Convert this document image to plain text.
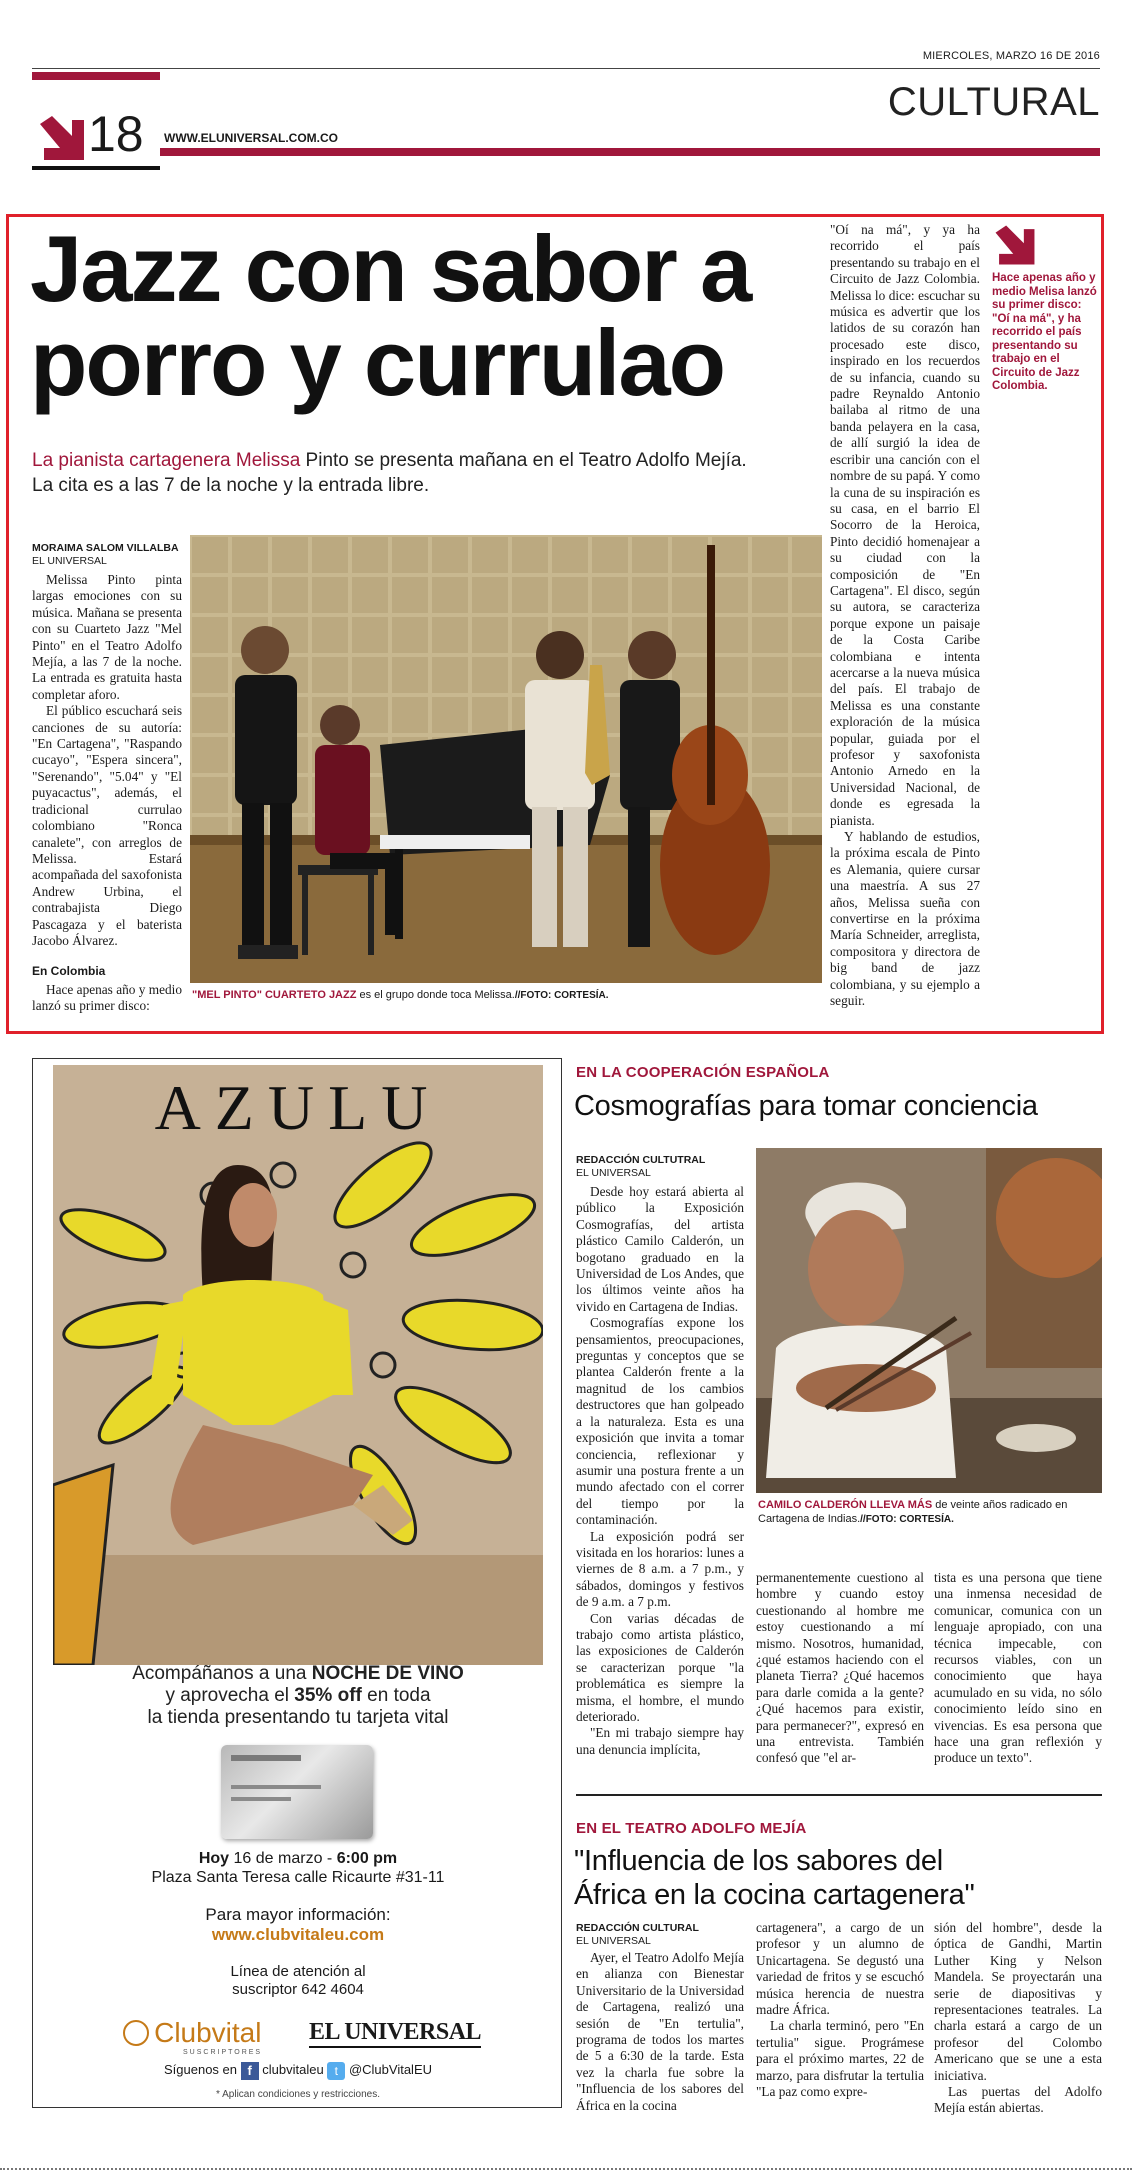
MIERCOLES, MARZO 16 DE 2016
CULTURAL
18 WWW.ELUNIVERSAL.COM.CO
Jazz con sabor a
porro y currulao
La pianista cartagenera Melissa Pinto se presenta mañana en el Teatro Adolfo Mejía. La cita es a las 7 de la noche y la entrada libre.
MORAIMA SALOM VILLALBA
EL UNIVERSAL

Melissa Pinto pinta largas emociones con su música. Mañana se presenta con su Cuarteto Jazz "Mel Pinto" en el Teatro Adolfo Mejía, a las 7 de la noche. La entrada es gratuita hasta completar aforo.

El público escuchará seis canciones de su autoría: "En Cartagena", "Raspando cucayo", "Espera sincera", "Serenando", "5.04" y "El puyacactus", además, el tradicional currulao colombiano "Ronca canalete", con arreglos de Melissa. Estará acompañada del saxofonista Andrew Urbina, el contrabajista Diego Pascagaza y el baterista Jacobo Álvarez.

En Colombia

Hace apenas año y medio lanzó su primer disco:

"MEL PINTO" CUARTETO JAZZ es el grupo donde toca Melissa.//FOTO: CORTESÍA.

"Oí na má", y ya ha recorrido el país presentando su trabajo en el Circuito de Jazz Colombia. Melissa lo dice: escuchar su música es advertir que los latidos de su corazón han procesado este disco, inspirado en los recuerdos de su infancia, cuando su padre Reynaldo Antonio bailaba al ritmo de una banda pelayera en la casa, de allí surgió la idea de escribir una canción con el nombre de su papá. Y como la cuna de su inspiración es su casa, en el barrio El Socorro de la Heroica, Pinto decidió homenajear a su ciudad con la composición de "En Cartagena". El disco, según su autora, se caracteriza porque expone un paisaje de la Costa Caribe colombiana e intenta acercarse a la nueva música del país. El trabajo de Melissa es una constante exploración de la música popular, guiada por el profesor y saxofonista Antonio Arnedo en la Universidad Nacional, de donde es egresada la pianista.

Y hablando de estudios, la próxima escala de Pinto es Alemania, quiere cursar una maestría. A sus 27 años, Melissa sueña con convertirse en la próxima María Schneider, arreglista, compositora y directora de big band de jazz colombiana, y su ejemplo a seguir.

Hace apenas año y medio Melisa lanzó su primer disco: "Oí na má", y ha recorrido el país presentando su trabajo en el Circuito de Jazz Colombia.
AZULU
Acompáñanos a una NOCHE DE VINO
y aprovecha el 35% off en toda
la tienda presentando tu tarjeta vital
Hoy 16 de marzo - 6:00 pm
Plaza Santa Teresa calle Ricaurte #31-11
Para mayor información:
www.clubvitaleu.com
Línea de atención al
suscriptor 642 4604
Clubvital
SUSCRIPTORES
EL UNIVERSAL
Síguenos en f clubvitaleu t @ClubVitalEU
* Aplican condiciones y restricciones.
EN LA COOPERACIÓN ESPAÑOLA
Cosmografías para tomar conciencia
REDACCIÓN CULTUTRAL
EL UNIVERSAL

Desde hoy estará abierta al público la Exposición Cosmografías, del artista plástico Camilo Calderón, un bogotano graduado en la Universidad de Los Andes, que los últimos veinte años ha vivido en Cartagena de Indias.

Cosmografías expone los pensamientos, preocupaciones, preguntas y conceptos que se plantea Calderón frente a la magnitud de los cambios destructores que han golpeado a la naturaleza. Esta es una exposición que invita a tomar conciencia, reflexionar y asumir una postura frente a un mundo afectado con el correr del tiempo por la contaminación.

La exposición podrá ser visitada en los horarios: lunes a viernes de 8 a.m. a 7 p.m., y sábados, domingos y festivos de 9 a.m. a 7 p.m.

Con varias décadas de trabajo como artista plástico, las exposiciones de Calderón se caracterizan porque "la problemática es siempre la misma, el hombre, el mundo deteriorado.

"En mi trabajo siempre hay una denuncia implícita,

CAMILO CALDERÓN LLEVA MÁS de veinte años radicado en Cartagena de Indias.//FOTO: CORTESÍA.

permanentemente cuestiono al hombre y cuando estoy cuestionando al hombre me estoy cuestionando a mí mismo. Nosotros, humanidad, ¿qué estamos haciendo con el planeta Tierra? ¿Qué hacemos para darle comida a la gente? ¿Qué hacemos para existir, para permanecer?", expresó en una entrevista. También confesó que "el ar-

tista es una persona que tiene una inmensa necesidad de comunicar, comunica con un lenguaje apropiado, con una técnica impecable, con recursos viables, con un conocimiento que haya acumulado en su vida, no sólo conocimiento leído sino en vivencias. Es esa persona que hace una gran reflexión y produce un texto".

EN EL TEATRO ADOLFO MEJÍA
"Influencia de los sabores del
África en la cocina cartagenera"
REDACCIÓN CULTURAL
EL UNIVERSAL

Ayer, el Teatro Adolfo Mejía en alianza con Bienestar Universitario de la Universidad de Cartagena, realizó una sesión de "En tertulia", programa de todos los martes de 5 a 6:30 de la tarde. Esta vez la charla fue sobre la "Influencia de los sabores del África en la cocina

cartagenera", a cargo de un profesor y un alumno de Unicartagena. Se degustó una variedad de fritos y se escuchó música herencia de nuestra madre África.

La charla terminó, pero "En tertulia" sigue. Prográmese para el próximo martes, 22 de marzo, para disfrutar la tertulia "La paz como expre-

sión del hombre", desde la óptica de Gandhi, Martin Luther King y Nelson Mandela. Se proyectarán una serie de diapositivas y representaciones teatrales. La charla estará a cargo de un profesor del Colombo Americano que se une a esta iniciativa.

Las puertas del Adolfo Mejía están abiertas.
